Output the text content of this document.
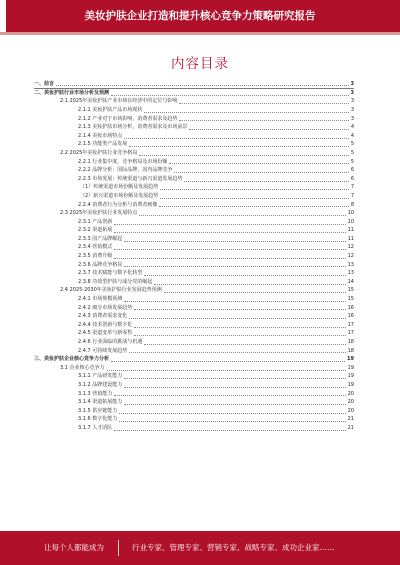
美妆护肤企业打造和提升核心竞争力策略研究报告
内容目录
一、前言	3
二、美妆护肤行业市场分析及预测	3
2.1 2025年美妆护肤产业市场在经济中的定位与影响	3
2.1.1 美妆护肤产品市场现状	3
2.1.2 产业对于市场影响，消费者需求及趋势	3
2.1.3 美妆护肤市场分析，消费者需求及市场前景	4
2.1.4 美妆市场特点	4
2.1.5 功能类产品发展	5
2.2 2025年美妆护肤行业竞争格局	5
2.2.1 行业集中度，竞争格局及市场份额	5
2.2.2 品牌分析：国际品牌，国内品牌竞争	6
2.2.3 市场发展：传统渠道与新兴渠道发展趋势	6
（1）传统渠道市场份额及发展趋势	7
（2）新兴渠道市场份额及发展趋势	7
2.2.4 消费者行为分析与消费者画像	8
2.3 2025年美妆护肤行业发展特点	10
2.3.1 产品创新	10
2.3.2 渠道拓展	11
2.3.3 国产品牌崛起	11
2.3.4 营销模式	12
2.3.5 消费升级	12
2.3.6 品牌竞争格局	13
2.3.7 技术赋能与数字化转型	13
2.3.8 功效型护肤与成分党的崛起	14
2.4 2025-2030年美妆护肤行业发展趋势预测	15
2.4.1 市场规模预测	15
2.4.2 细分市场发展趋势	16
2.4.3 消费者需求变化	16
2.4.4 技术创新与数字化	17
2.4.5 渠道变革与新零售	17
2.4.6 行业面临的挑战与机遇	18
2.4.7 可持续发展趋势	18
三、美妆护肤企业核心竞争力分析	19
3.1 企业核心竞争力	19
3.1.1 产品研发能力	19
3.1.2 品牌建设能力	19
3.1.3 营销能力	20
3.1.4 渠道拓展能力	20
3.1.5 供应链能力	20
3.1.6 数字化能力	21
3.1.7 人才团队	21
让每个人都能成为	行业专家、管理专家、营销专家、战略专家、成功企业家……
